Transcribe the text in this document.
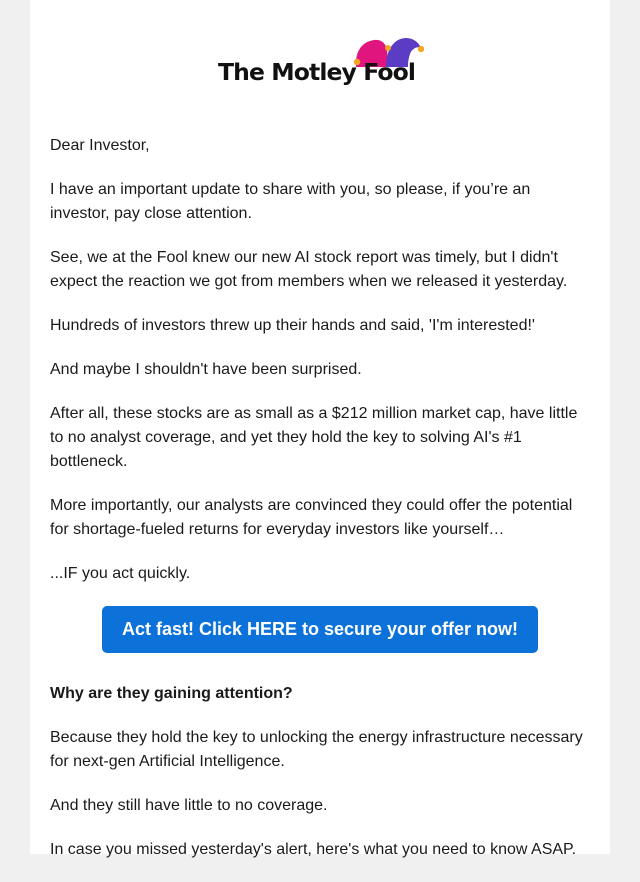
The Motley Fool

Dear Investor,

I have an important update to share with you, so please, if you’re an investor, pay close attention.

See, we at the Fool knew our new AI stock report was timely, but I didn't expect the reaction we got from members when we released it yesterday.

Hundreds of investors threw up their hands and said, 'I'm interested!'

And maybe I shouldn't have been surprised.

After all, these stocks are as small as a $212 million market cap, have little to no analyst coverage, and yet they hold the key to solving AI's #1 bottleneck.

More importantly, our analysts are convinced they could offer the potential for shortage-fueled returns for everyday investors like yourself…

...IF you act quickly.

Act fast! Click HERE to secure your offer now!

Why are they gaining attention?

Because they hold the key to unlocking the energy infrastructure necessary for next-gen Artificial Intelligence.

And they still have little to no coverage.

In case you missed yesterday's alert, here's what you need to know ASAP.
